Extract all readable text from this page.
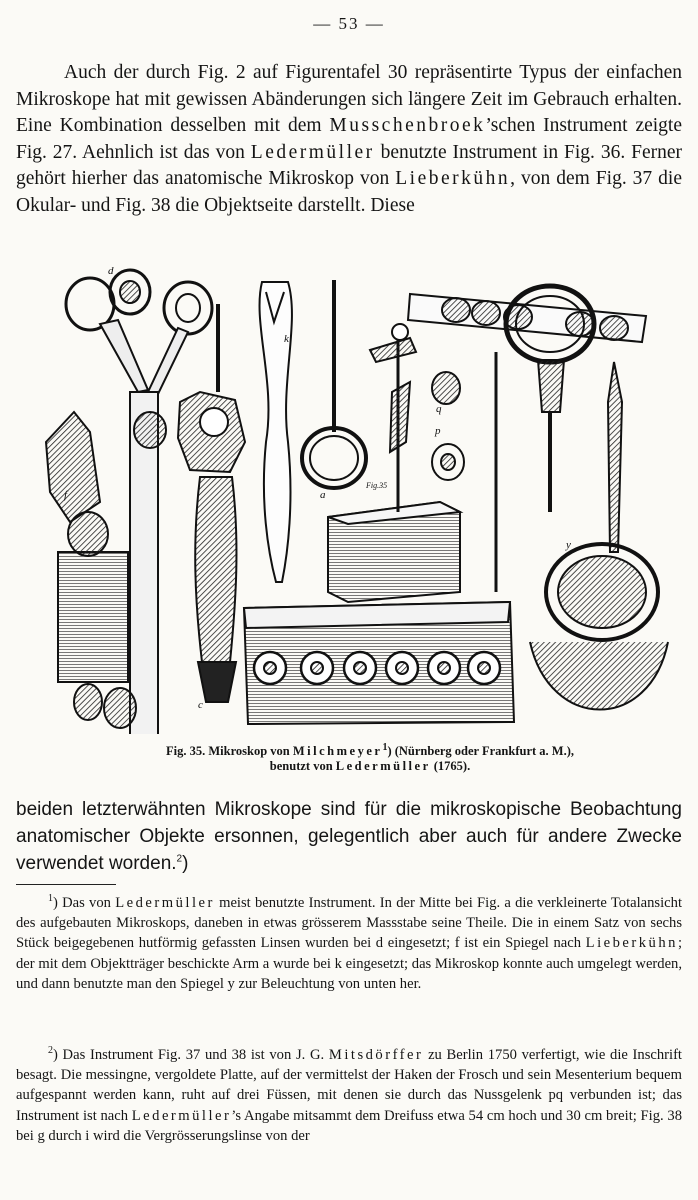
— 53 —

Auch der durch Fig. 2 auf Figurentafel 30 repräsentirte Typus der einfachen Mikroskope hat mit gewissen Abänderungen sich längere Zeit im Gebrauch erhalten. Eine Kombination desselben mit dem Musschenbroek’schen Instrument zeigte Fig. 27. Aehnlich ist das von Ledermüller benutzte Instrument in Fig. 36. Ferner gehört hierher das anatomische Mikroskop von Lieberkühn, von dem Fig. 37 die Okular- und Fig. 38 die Objektseite darstellt. Diese

d
k
f	a
y
q
p
c
Fig.35
Fig. 35. Mikroskop von Milchmeyer$^1$) (Nürnberg oder Frankfurt a. M.),
benutzt von Ledermüller (1765).

beiden letzterwähnten Mikroskope sind für die mikroskopische Beobachtung anatomischer Objekte ersonnen, gelegentlich aber auch für andere Zwecke verwendet worden.$^2$)

$^1$) Das von Ledermüller meist benutzte Instrument. In der Mitte bei Fig. a die verkleinerte Totalansicht des aufgebauten Mikroskops, daneben in etwas grösserem Massstabe seine Theile. Die in einem Satz von sechs Stück beigegebenen hutförmig gefassten Linsen wurden bei d eingesetzt; f ist ein Spiegel nach Lieberkühn; der mit dem Objektträger beschickte Arm a wurde bei k eingesetzt; das Mikroskop konnte auch umgelegt werden, und dann benutzte man den Spiegel y zur Beleuchtung von unten her.

$^2$) Das Instrument Fig. 37 und 38 ist von J. G. Mitsdörffer zu Berlin 1750 verfertigt, wie die Inschrift besagt. Die messingne, vergoldete Platte, auf der vermittelst der Haken der Frosch und sein Mesenterium bequem aufgespannt werden kann, ruht auf drei Füssen, mit denen sie durch das Nussgelenk pq verbunden ist; das Instrument ist nach Ledermüller’s Angabe mitsammt dem Dreifuss etwa 54 cm hoch und 30 cm breit; Fig. 38 bei g durch i wird die Vergrösserungslinse von der
